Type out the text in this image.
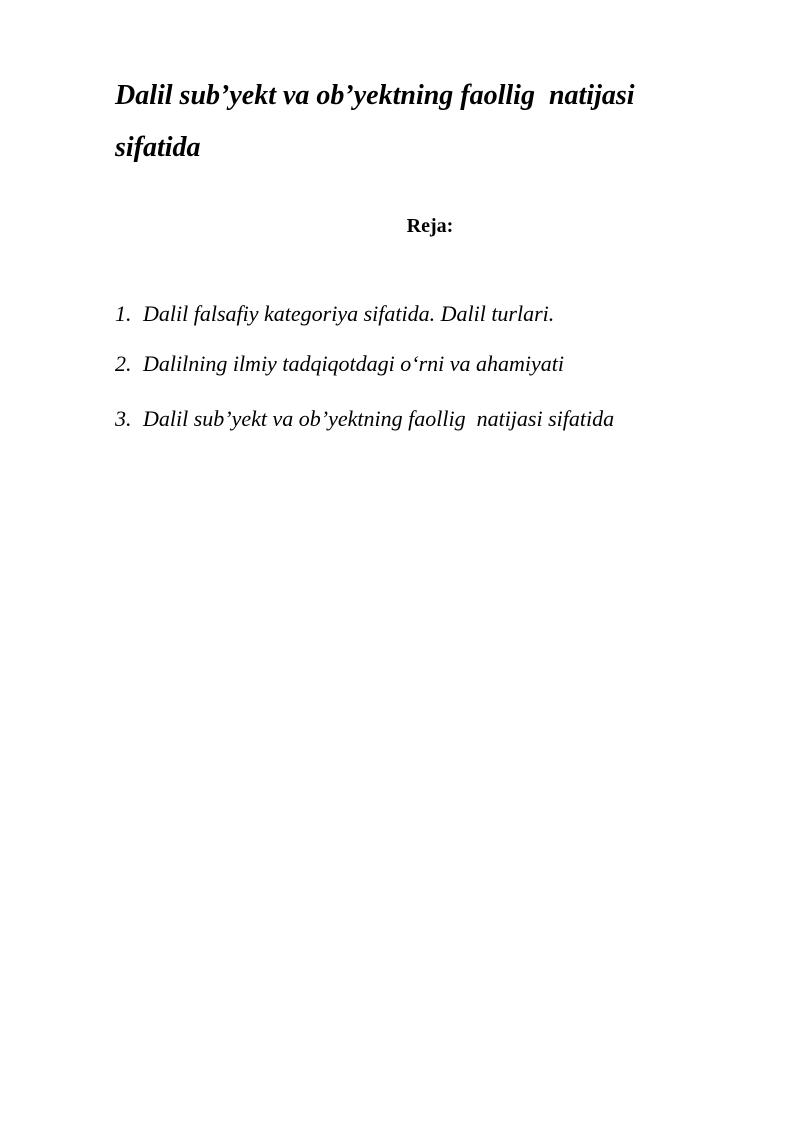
Dalil sub’yekt va ob’yektning faollig  natijasi sifatida
Reja:
1. Dalil falsafiy kategoriya sifatida. Dalil turlari.
2. Dalilning ilmiy tadqiqotdagi o‘rni va ahamiyati
3. Dalil sub’yekt va ob’yektning faollig  natijasi sifatida
